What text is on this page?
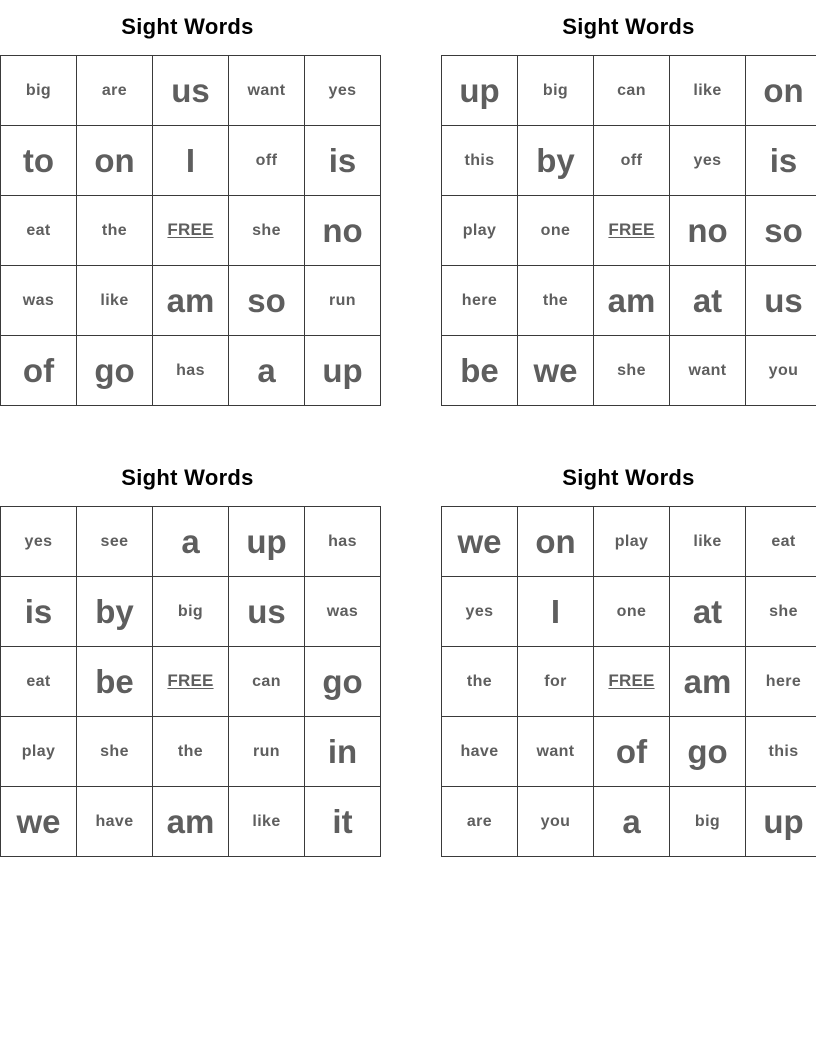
Sight Words
big	are	us	want	yes
to	on	I	off	is
eat	the	FREE	she	no
was	like	am	so	run
of	go	has	a	up
Sight Words
up	big	can	like	on
this	by	off	yes	is
play	one	FREE	no	so
here	the	am	at	us
be	we	she	want	you
Sight Words
yes	see	a	up	has
is	by	big	us	was
eat	be	FREE	can	go
play	she	the	run	in
we	have	am	like	it
Sight Words
we	on	play	like	eat
yes	I	one	at	she
the	for	FREE	am	here
have	want	of	go	this
are	you	a	big	up
